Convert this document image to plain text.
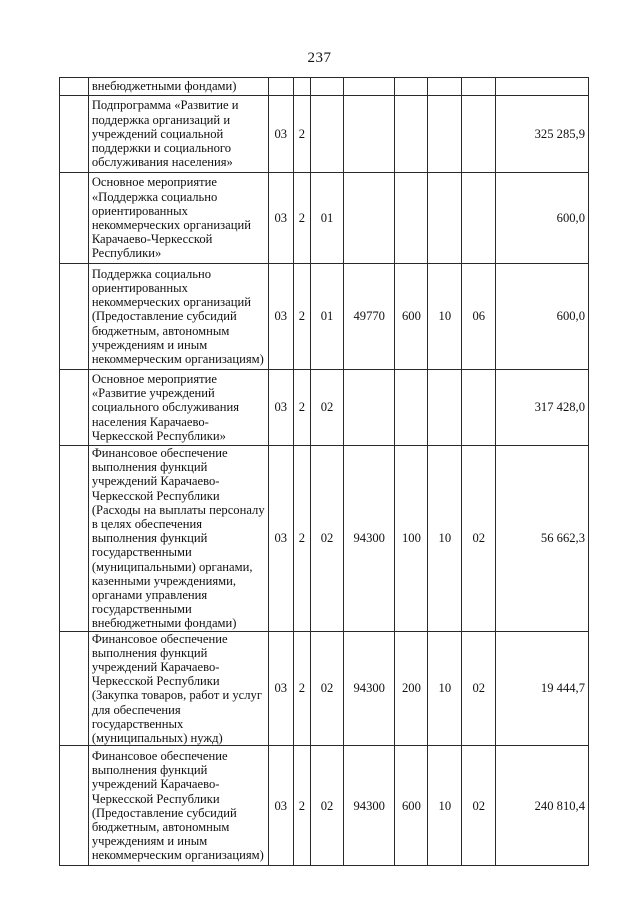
237
	внебюджетными фондами)								
	Подпрограмма «Развитие и поддержка организаций и учреждений социальной поддержки и социального обслуживания населения»	03	2						325 285,9
	Основное мероприятие «Поддержка социально ориентированных некоммерческих организаций Карачаево-Черкесской Республики»	03	2	01					600,0
	Поддержка социально ориентированных некоммерческих организаций (Предоставление субсидий бюджетным, автономным учреждениям и иным некоммерческим организациям)	03	2	01	49770	600	10	06	600,0
	Основное мероприятие «Развитие учреждений социального обслуживания населения Карачаево-Черкесской Республики»	03	2	02					317 428,0
	Финансовое обеспечение выполнения функций учреждений Карачаево-Черкесской Республики (Расходы на выплаты персоналу в целях обеспечения выполнения функций государственными (муниципальными) органами, казенными учреждениями, органами управления государственными внебюджетными фондами)	03	2	02	94300	100	10	02	56 662,3
	Финансовое обеспечение выполнения функций учреждений Карачаево-Черкесской Республики (Закупка товаров, работ и услуг для обеспечения государственных (муниципальных) нужд)	03	2	02	94300	200	10	02	19 444,7
	Финансовое обеспечение выполнения функций учреждений Карачаево-Черкесской Республики (Предоставление субсидий бюджетным, автономным учреждениям и иным некоммерческим организациям)	03	2	02	94300	600	10	02	240 810,4
